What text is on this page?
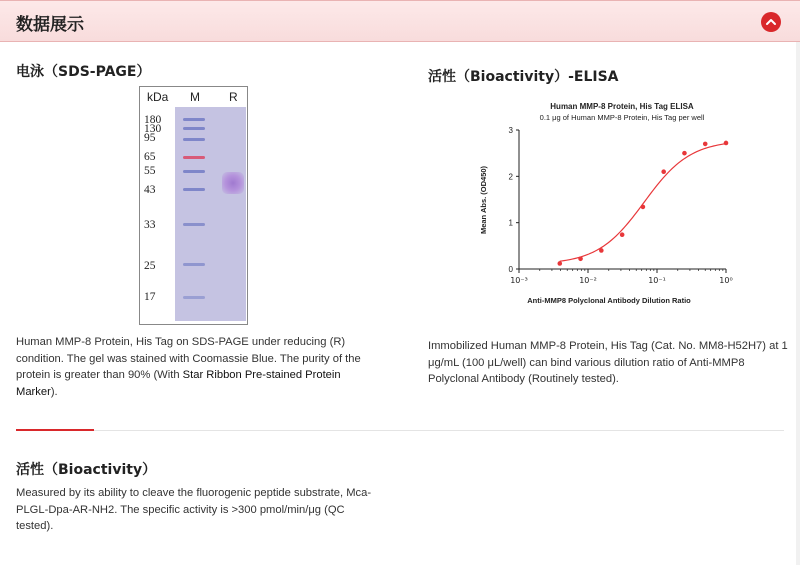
数据展示
电泳（SDS-PAGE）
kDa M R
180
130
95
65
55
43
33
25
17
Human MMP-8 Protein, His Tag on SDS-PAGE under reducing (R)
condition. The gel was stained with Coomassie Blue. The purity of the
protein is greater than 90% (With Star Ribbon Pre-stained Protein
Marker).
活性（Bioactivity）-ELISA
Human MMP-8 Protein, His Tag ELISA
0.1 μg of Human MMP-8 Protein, His Tag per well
0
1
2
3
10⁻³	10⁻²	10⁻¹	10⁰
Anti-MMP8 Polyclonal Antibody Dilution Ratio
Mean Abs. (OD450)
Immobilized Human MMP-8 Protein, His Tag (Cat. No. MM8-H52H7) at 1
μg/mL (100 μL/well) can bind various dilution ratio of Anti-MMP8
Polyclonal Antibody (Routinely tested).
活性（Bioactivity）
Measured by its ability to cleave the fluorogenic peptide substrate, Mca-
PLGL-Dpa-AR-NH2. The specific activity is >300 pmol/min/μg (QC
tested).
